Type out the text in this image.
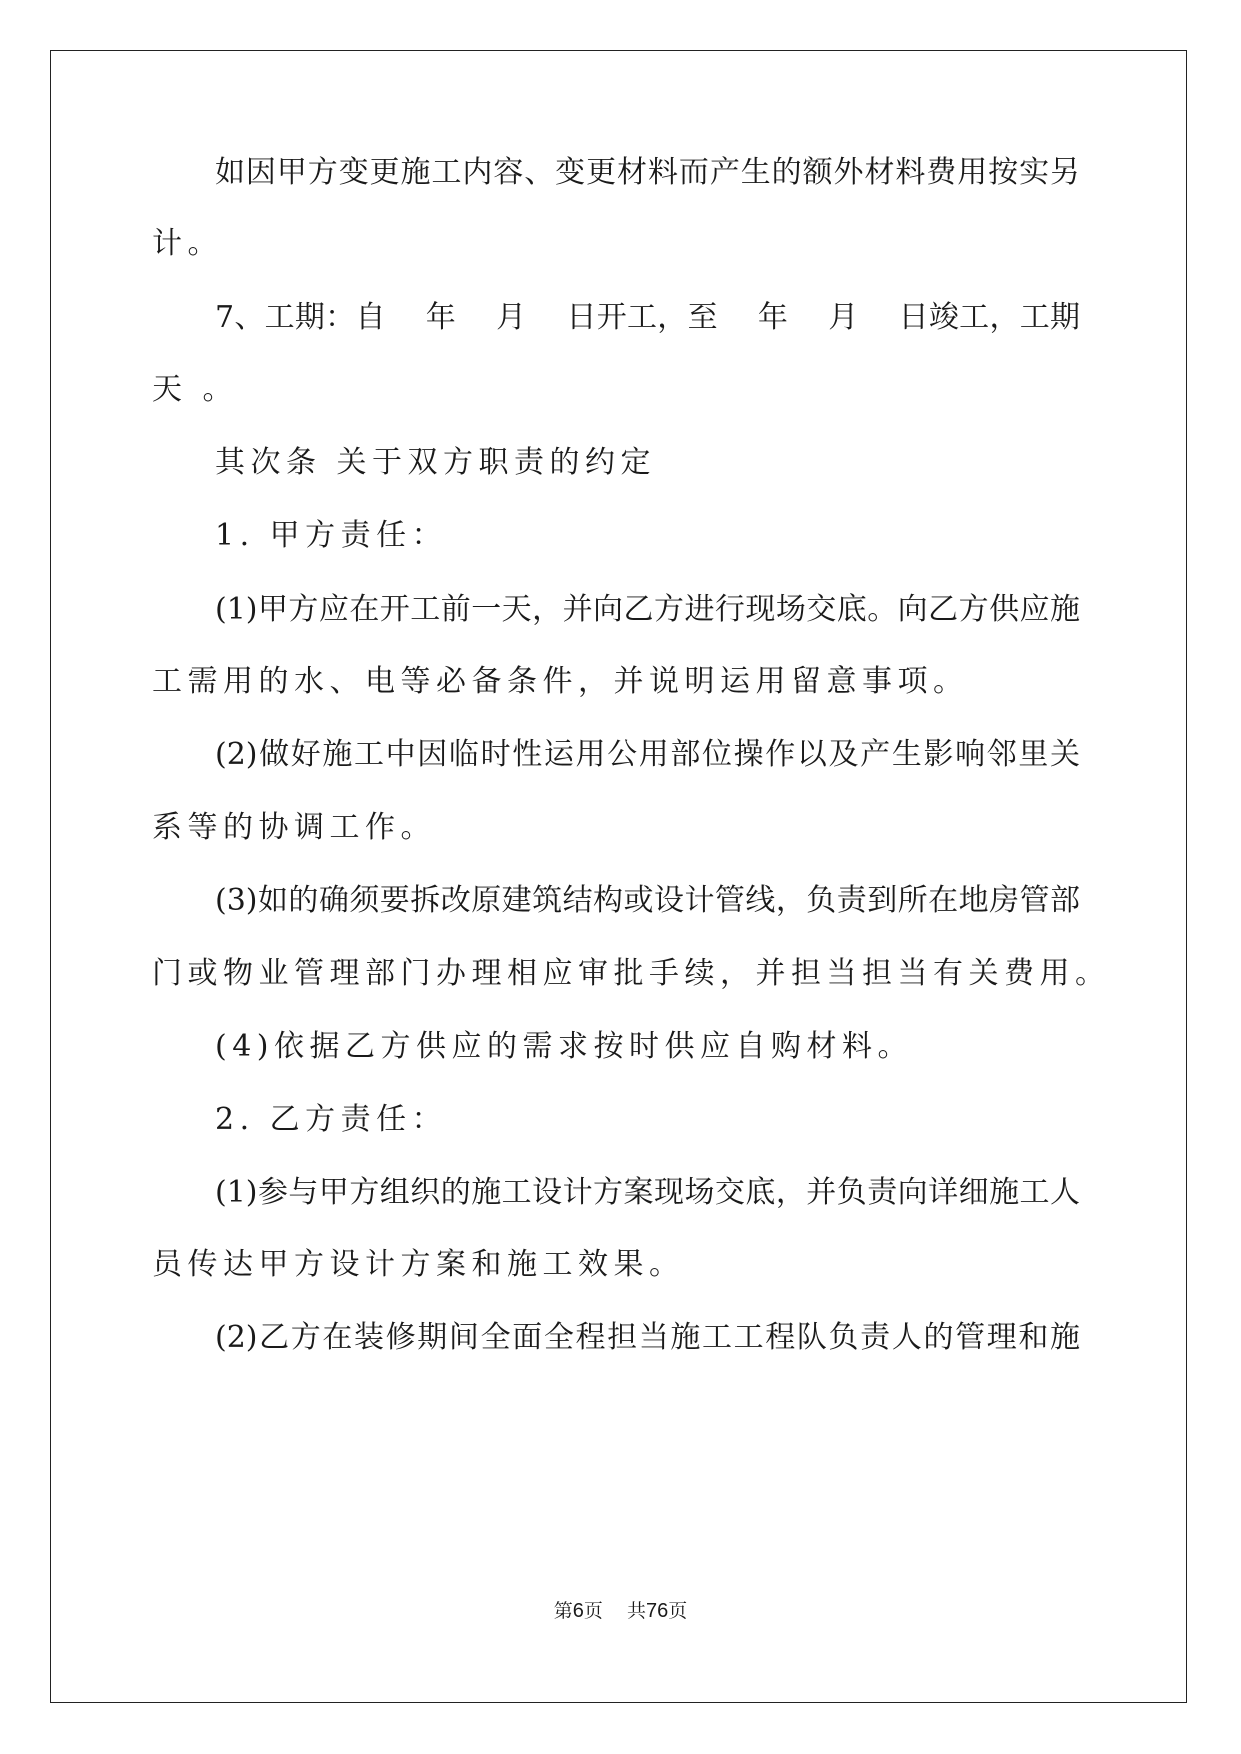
如因甲方变更施工内容、变更材料而产生的额外材料费用按实另
计。
7、工期：自　 年　 月　 日开工，至　 年　 月　 日竣工，工期
天 。
其次条 关于双方职责的约定
1. 甲方责任：
(1)甲方应在开工前一天，并向乙方进行现场交底。向乙方供应施
工需用的水、电等必备条件，并说明运用留意事项。
(2)做好施工中因临时性运用公用部位操作以及产生影响邻里关
系等的协调工作。
(3)如的确须要拆改原建筑结构或设计管线，负责到所在地房管部
门或物业管理部门办理相应审批手续，并担当担当有关费用。
(4)依据乙方供应的需求按时供应自购材料。
2. 乙方责任：
(1)参与甲方组织的施工设计方案现场交底，并负责向详细施工人
员传达甲方设计方案和施工效果。
(2)乙方在装修期间全面全程担当施工工程队负责人的管理和施
第6页 共76页
